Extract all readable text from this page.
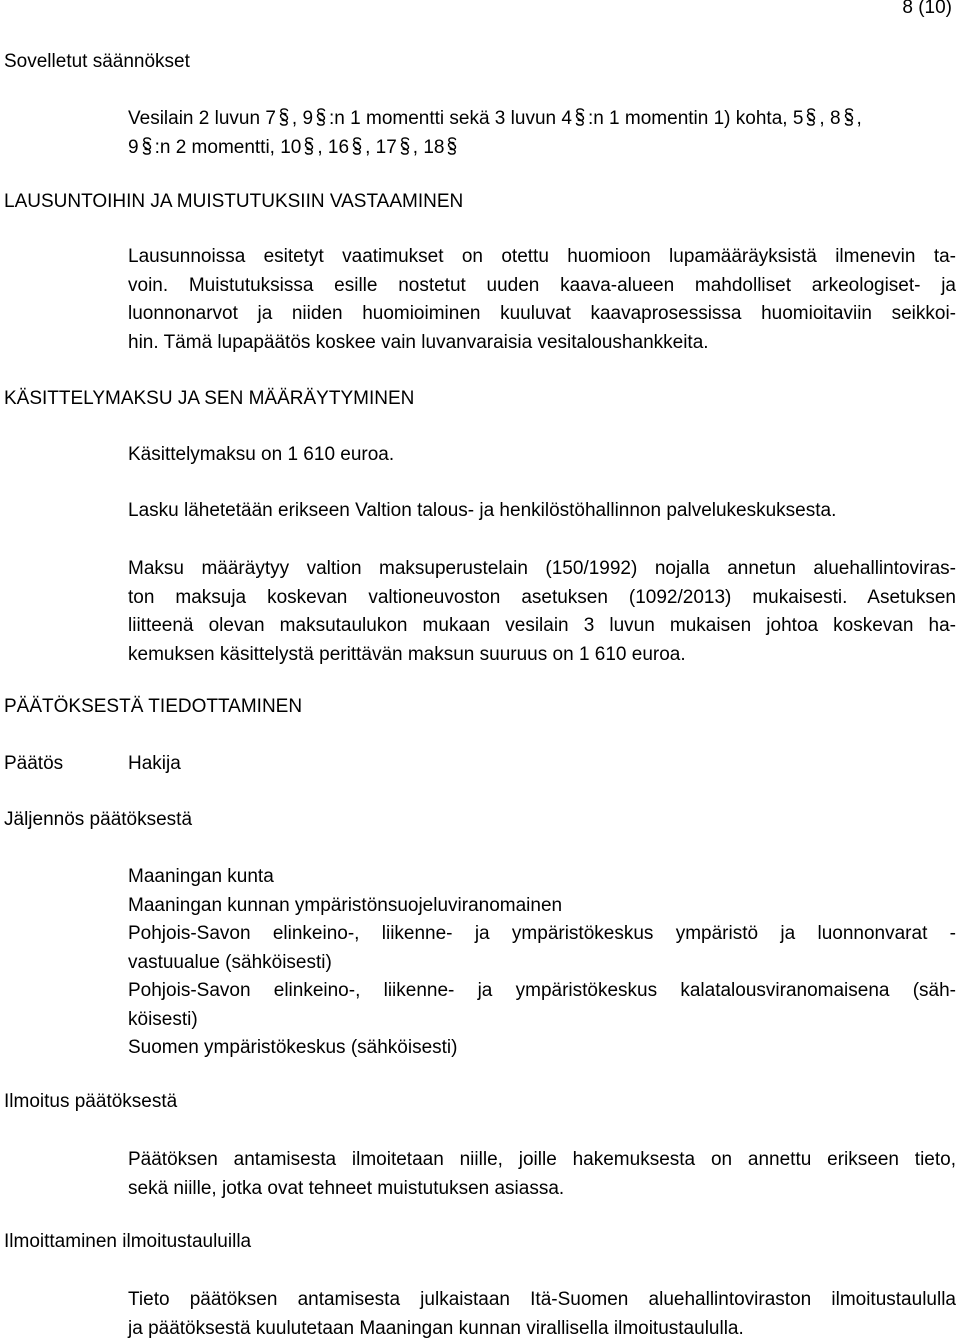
8 (10)
Sovelletut säännökset
Vesilain 2 luvun 7 , 9 :n 1 momentti sekä 3 luvun 4 :n 1 momentin 1) kohta, 5 , 8 ,
9 :n 2 momentti, 10 , 16 , 17 , 18
LAUSUNTOIHIN JA MUISTUTUKSIIN VASTAAMINEN
Lausunnoissa esitetyt vaatimukset on otettu huomioon lupamääräyksistä ilmenevin ta-
voin. Muistutuksissa esille nostetut uuden kaava-alueen mahdolliset arkeologiset- ja
luonnonarvot ja niiden huomioiminen kuuluvat kaavaprosessissa huomioitaviin seikkoi-
hin. Tämä lupapäätös koskee vain luvanvaraisia vesitaloushankkeita.
KÄSITTELYMAKSU JA SEN MÄÄRÄYTYMINEN
Käsittelymaksu on 1 610 euroa.
Lasku lähetetään erikseen Valtion talous- ja henkilöstöhallinnon palvelukeskuksesta.
Maksu määräytyy valtion maksuperustelain (150/1992) nojalla annetun aluehallintoviras-
ton maksuja koskevan valtioneuvoston asetuksen (1092/2013) mukaisesti. Asetuksen
liitteenä olevan maksutaulukon mukaan vesilain 3 luvun mukaisen johtoa koskevan ha-
kemuksen käsittelystä perittävän maksun suuruus on 1 610 euroa.
PÄÄTÖKSESTÄ TIEDOTTAMINEN
Päätös	Hakija
Jäljennös päätöksestä
Maaningan kunta
Maaningan kunnan ympäristönsuojeluviranomainen
Pohjois-Savon elinkeino-, liikenne- ja ympäristökeskus ympäristö ja luonnonvarat -
vastuualue (sähköisesti)
Pohjois-Savon elinkeino-, liikenne- ja ympäristökeskus kalatalousviranomaisena (säh-
köisesti)
Suomen ympäristökeskus (sähköisesti)
Ilmoitus päätöksestä
Päätöksen antamisesta ilmoitetaan niille, joille hakemuksesta on annettu erikseen tieto,
sekä niille, jotka ovat tehneet muistutuksen asiassa.
Ilmoittaminen ilmoitustauluilla
Tieto päätöksen antamisesta julkaistaan Itä-Suomen aluehallintoviraston ilmoitustaululla
ja päätöksestä kuulutetaan Maaningan kunnan virallisella ilmoitustaululla.
